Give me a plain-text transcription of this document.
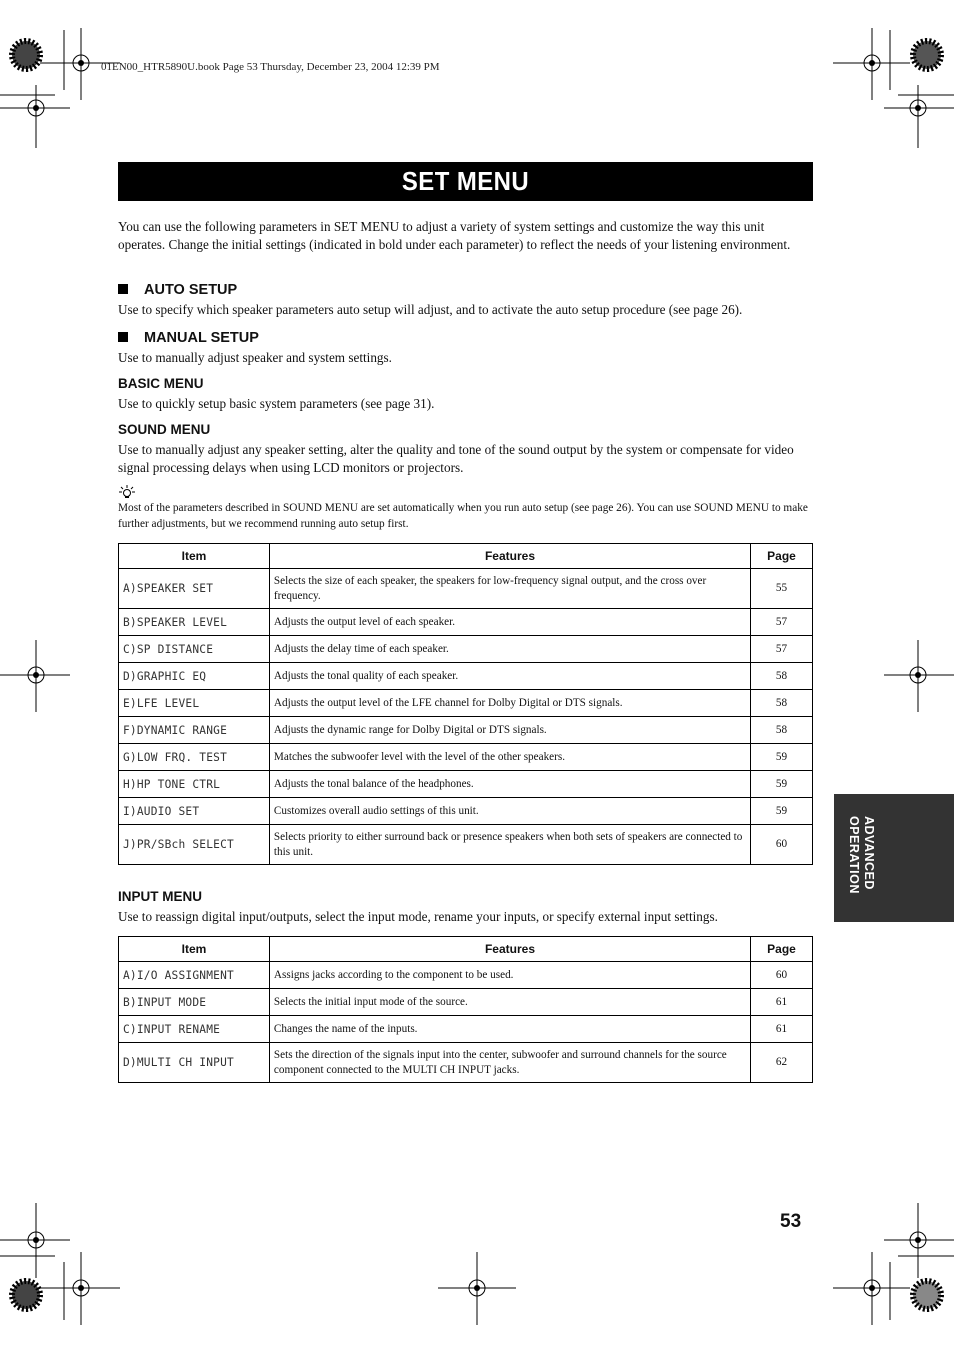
01EN00_HTR5890U.book Page 53 Thursday, December 23, 2004 12:39 PM
SET MENU
You can use the following parameters in SET MENU to adjust a variety of system settings and customize the way this unit operates. Change the initial settings (indicated in bold under each parameter) to reflect the needs of your listening environment.
AUTO SETUP
Use to specify which speaker parameters auto setup will adjust, and to activate the auto setup procedure (see page 26).
MANUAL SETUP
Use to manually adjust speaker and system settings.
BASIC MENU
Use to quickly setup basic system parameters (see page 31).
SOUND MENU
Use to manually adjust any speaker setting, alter the quality and tone of the sound output by the system or compensate for video signal processing delays when using LCD monitors or projectors.
Most of the parameters described in SOUND MENU are set automatically when you run auto setup (see page 26). You can use SOUND MENU to make further adjustments, but we recommend running auto setup first.
Item	Features	Page
A)SPEAKER SET	Selects the size of each speaker, the speakers for low-frequency signal output, and the cross over frequency.	55
B)SPEAKER LEVEL	Adjusts the output level of each speaker.	57
C)SP DISTANCE	Adjusts the delay time of each speaker.	57
D)GRAPHIC EQ	Adjusts the tonal quality of each speaker.	58
E)LFE LEVEL	Adjusts the output level of the LFE channel for Dolby Digital or DTS signals.	58
F)DYNAMIC RANGE	Adjusts the dynamic range for Dolby Digital or DTS signals.	58
G)LOW FRQ. TEST	Matches the subwoofer level with the level of the other speakers.	59
H)HP TONE CTRL	Adjusts the tonal balance of the headphones.	59
I)AUDIO SET	Customizes overall audio settings of this unit.	59
J)PR/SBch SELECT	Selects priority to either surround back or presence speakers when both sets of speakers are connected to this unit.	60
INPUT MENU
Use to reassign digital input/outputs, select the input mode, rename your inputs, or specify external input settings.
Item	Features	Page
A)I/O ASSIGNMENT	Assigns jacks according to the component to be used.	60
B)INPUT MODE	Selects the initial input mode of the source.	61
C)INPUT RENAME	Changes the name of the inputs.	61
D)MULTI CH INPUT	Sets the direction of the signals input into the center, subwoofer and surround channels for the source component connected to the MULTI CH INPUT jacks.	62
ADVANCED OPERATION
53
